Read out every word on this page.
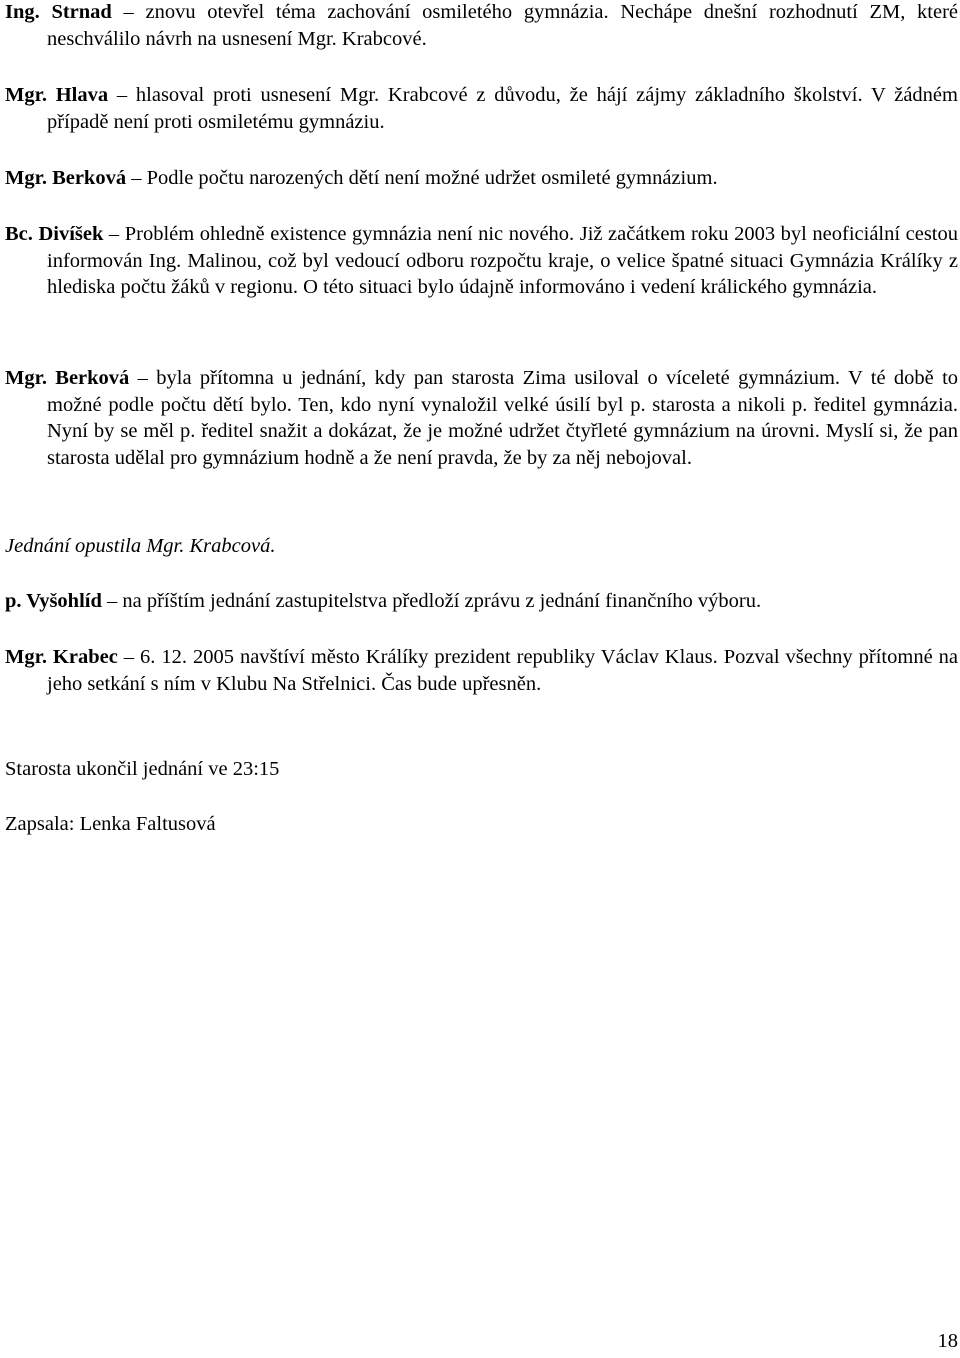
Ing. Strnad – znovu otevřel téma zachování osmiletého gymnázia. Nechápe dnešní rozhodnutí ZM, které neschválilo návrh na usnesení Mgr. Krabcové.

Mgr. Hlava – hlasoval proti usnesení Mgr. Krabcové z důvodu, že hájí zájmy základního školství. V žádném případě není proti osmiletému gymnáziu.

Mgr. Berková – Podle počtu narozených dětí není možné udržet osmileté gymnázium.

Bc. Divíšek – Problém ohledně existence gymnázia není nic nového. Již začátkem roku 2003 byl neoficiální cestou informován Ing. Malinou, což byl vedoucí odboru rozpočtu kraje, o velice špatné situaci Gymnázia Králíky z hlediska počtu žáků v regionu. O této situaci bylo údajně informováno i vedení králického gymnázia.

Mgr. Berková – byla přítomna u jednání, kdy pan starosta Zima usiloval o víceleté gymnázium. V té době to možné podle počtu dětí bylo. Ten, kdo nyní vynaložil velké úsilí byl p. starosta a nikoli p. ředitel gymnázia. Nyní by se měl p. ředitel snažit a dokázat, že je možné udržet čtyřleté gymnázium na úrovni. Myslí si, že pan starosta udělal pro gymnázium hodně a že není pravda, že by za něj nebojoval.

Jednání opustila Mgr. Krabcová.

p. Vyšohlíd – na příštím jednání zastupitelstva předloží zprávu z jednání finančního výboru.

Mgr. Krabec – 6. 12. 2005 navštíví město Králíky prezident republiky Václav Klaus. Pozval všechny přítomné na jeho setkání s ním v Klubu Na Střelnici. Čas bude upřesněn.

Starosta ukončil jednání ve 23:15

Zapsala: Lenka Faltusová

18
